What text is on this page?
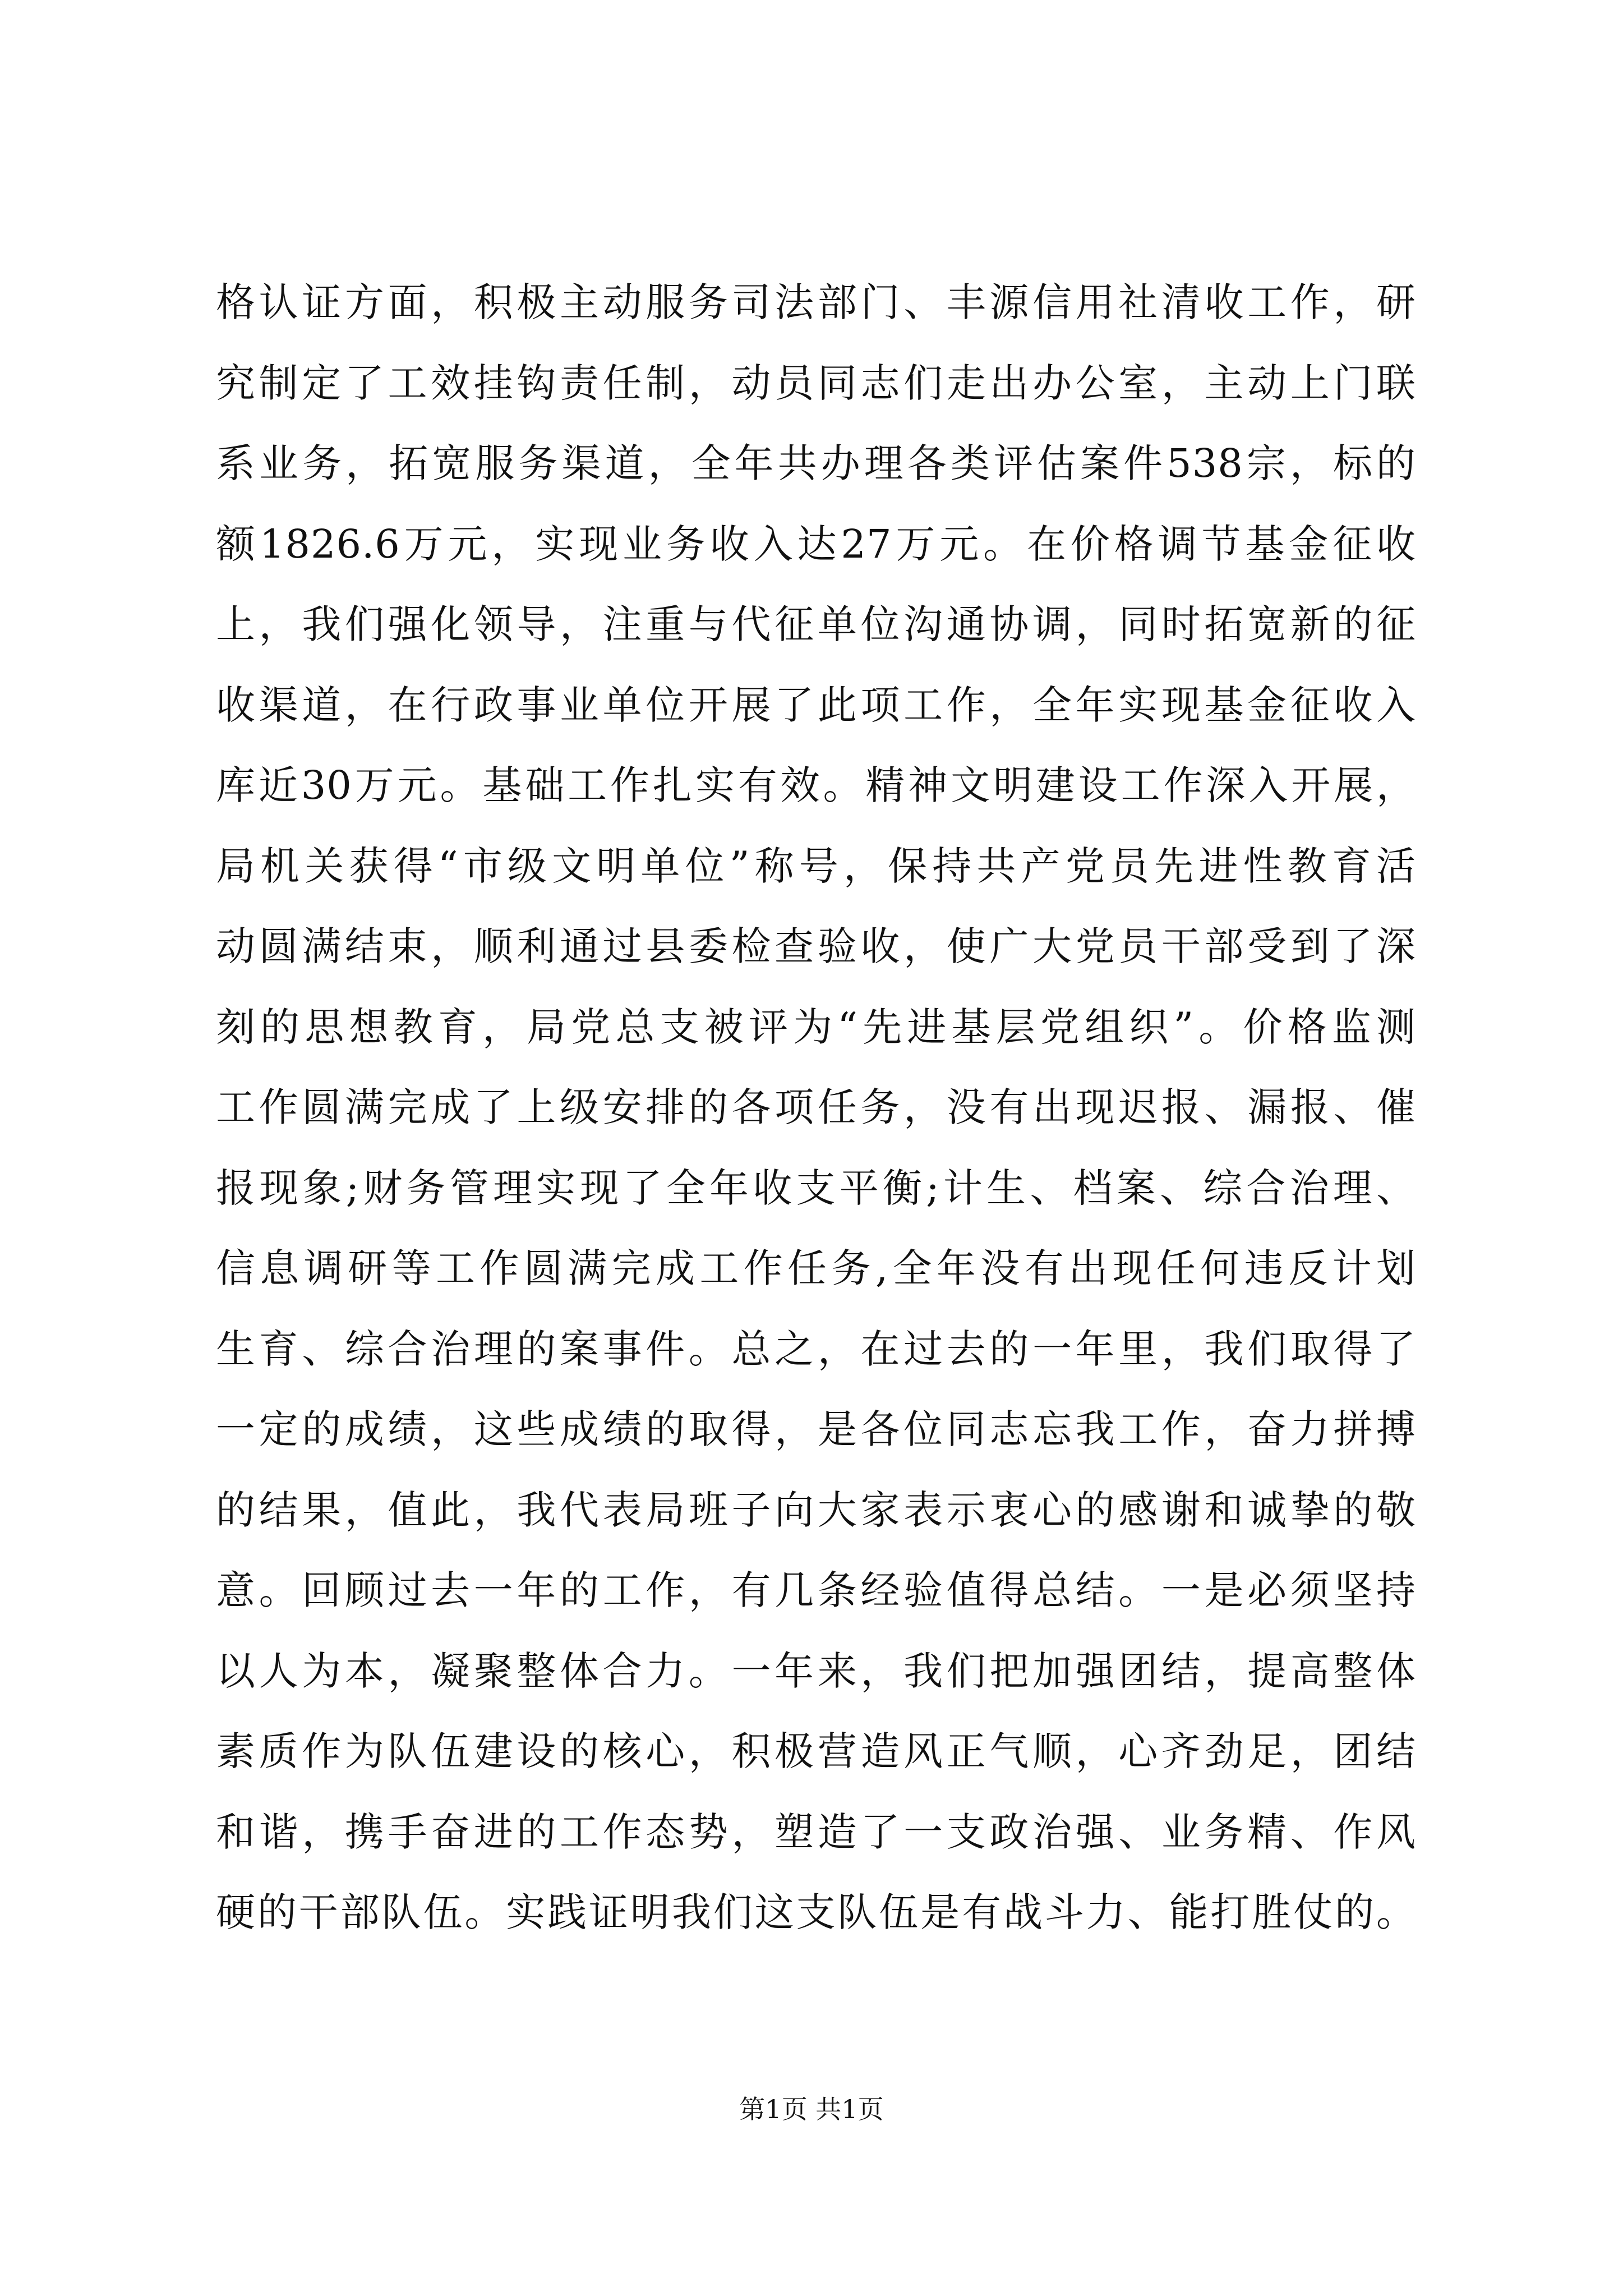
格认证方面，积极主动服务司法部门、丰源信用社清收工作，研
究制定了工效挂钩责任制，动员同志们走出办公室，主动上门联
系业务，拓宽服务渠道，全年共办理各类评估案件538宗，标的
额1826.6万元，实现业务收入达27万元。在价格调节基金征收
上，我们强化领导，注重与代征单位沟通协调，同时拓宽新的征
收渠道，在行政事业单位开展了此项工作，全年实现基金征收入
库近30万元。基础工作扎实有效。精神文明建设工作深入开展，
局机关获得“市级文明单位”称号，保持共产党员先进性教育活
动圆满结束，顺利通过县委检查验收，使广大党员干部受到了深
刻的思想教育，局党总支被评为“先进基层党组织”。价格监测
工作圆满完成了上级安排的各项任务，没有出现迟报、漏报、催
报现象;财务管理实现了全年收支平衡;计生、档案、综合治理、
信息调研等工作圆满完成工作任务,全年没有出现任何违反计划
生育、综合治理的案事件。总之，在过去的一年里，我们取得了
一定的成绩，这些成绩的取得，是各位同志忘我工作，奋力拼搏
的结果，值此，我代表局班子向大家表示衷心的感谢和诚挚的敬
意。回顾过去一年的工作，有几条经验值得总结。一是必须坚持
以人为本，凝聚整体合力。一年来，我们把加强团结，提高整体
素质作为队伍建设的核心，积极营造风正气顺，心齐劲足，团结
和谐，携手奋进的工作态势，塑造了一支政治强、业务精、作风
硬的干部队伍。实践证明我们这支队伍是有战斗力、能打胜仗的。
第1页 共1页
